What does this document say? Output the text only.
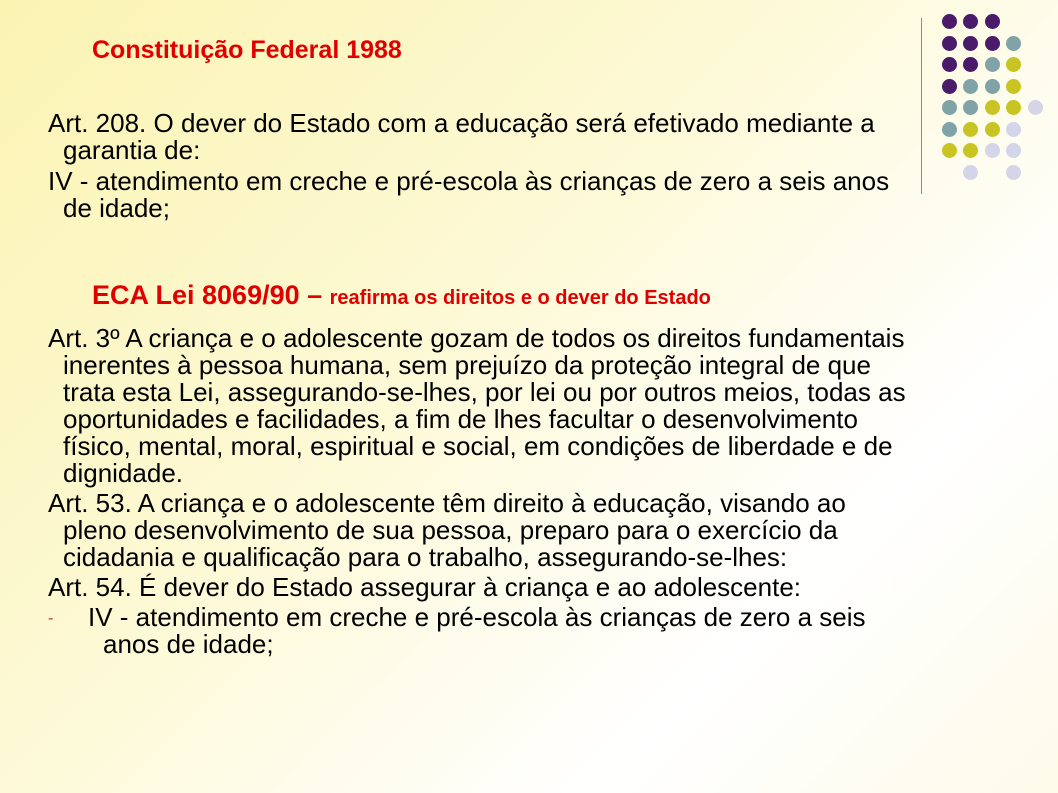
Constituição Federal 1988
Art. 208. O dever do Estado com a educação será efetivado mediante a garantia de:
IV - atendimento em creche e pré-escola às crianças de zero a seis anos de idade;
ECA Lei 8069/90 – reafirma os direitos e o dever do Estado
Art. 3º A criança e o adolescente gozam de todos os direitos fundamentais inerentes à pessoa humana, sem prejuízo da proteção integral de que trata esta Lei, assegurando-se-lhes, por lei ou por outros meios, todas as oportunidades e facilidades, a fim de lhes facultar o desenvolvimento físico, mental, moral, espiritual e social, em condições de liberdade e de dignidade.
Art. 53. A criança e o adolescente têm direito à educação, visando ao pleno desenvolvimento de sua pessoa, preparo para o exercício da cidadania e qualificação para o trabalho, assegurando-se-lhes:
Art. 54. É dever do Estado assegurar à criança e ao adolescente:
- IV - atendimento em creche e pré-escola às crianças de zero a seis anos de idade;
